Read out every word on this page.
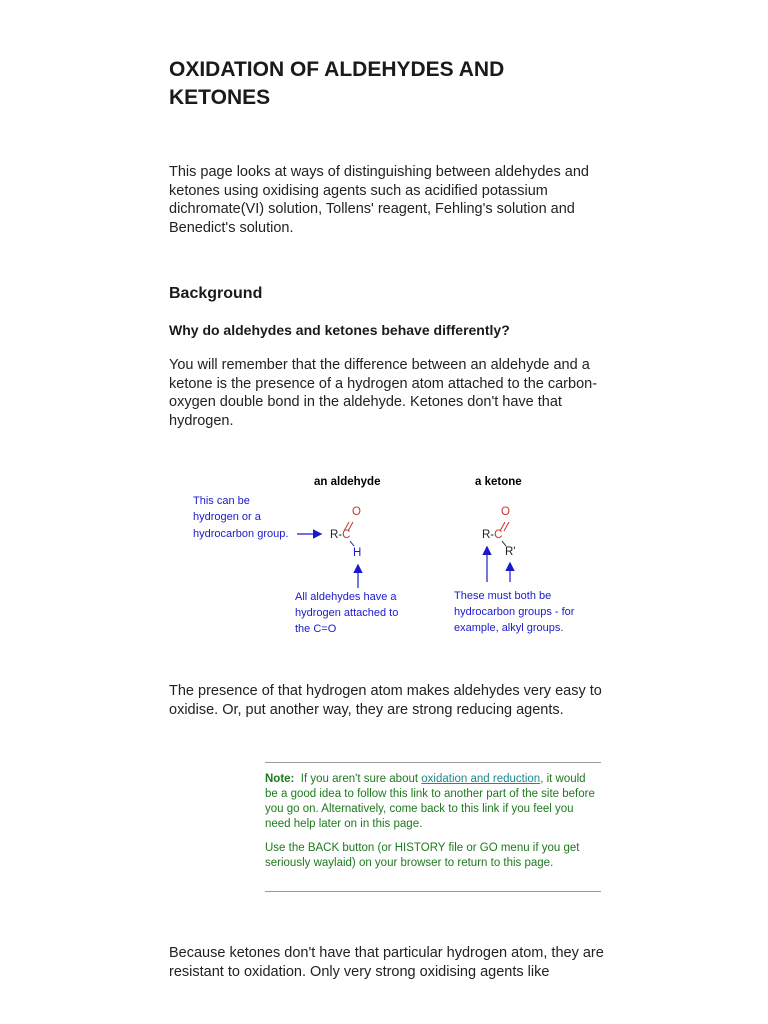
OXIDATION OF ALDEHYDES AND KETONES

This page looks at ways of distinguishing between aldehydes and ketones using oxidising agents such as acidified potassium dichromate(VI) solution, Tollens' reagent, Fehling's solution and Benedict's solution.

Background
Why do aldehydes and ketones behave differently?

You will remember that the difference between an aldehyde and a ketone is the presence of a hydrogen atom attached to the carbon-oxygen double bond in the aldehyde. Ketones don't have that hydrogen.

The presence of that hydrogen atom makes aldehydes very easy to oxidise. Or, put another way, they are strong reducing agents.

Because ketones don't have that particular hydrogen atom, they are resistant to oxidation. Only very strong oxidising agents like

an aldehyde	a ketone
This can be
hydrogen or a
hydrocarbon group.
O
R-C
H
All aldehydes have a
hydrogen attached to
the C=O
O
R-C
R'
These must both be
hydrocarbon groups - for
example, alkyl groups.

Note: If you aren't sure about oxidation and reduction, it would be a good idea to follow this link to another part of the site before you go on. Alternatively, come back to this link if you feel you need help later on in this page.

Use the BACK button (or HISTORY file or GO menu if you get seriously waylaid) on your browser to return to this page.
